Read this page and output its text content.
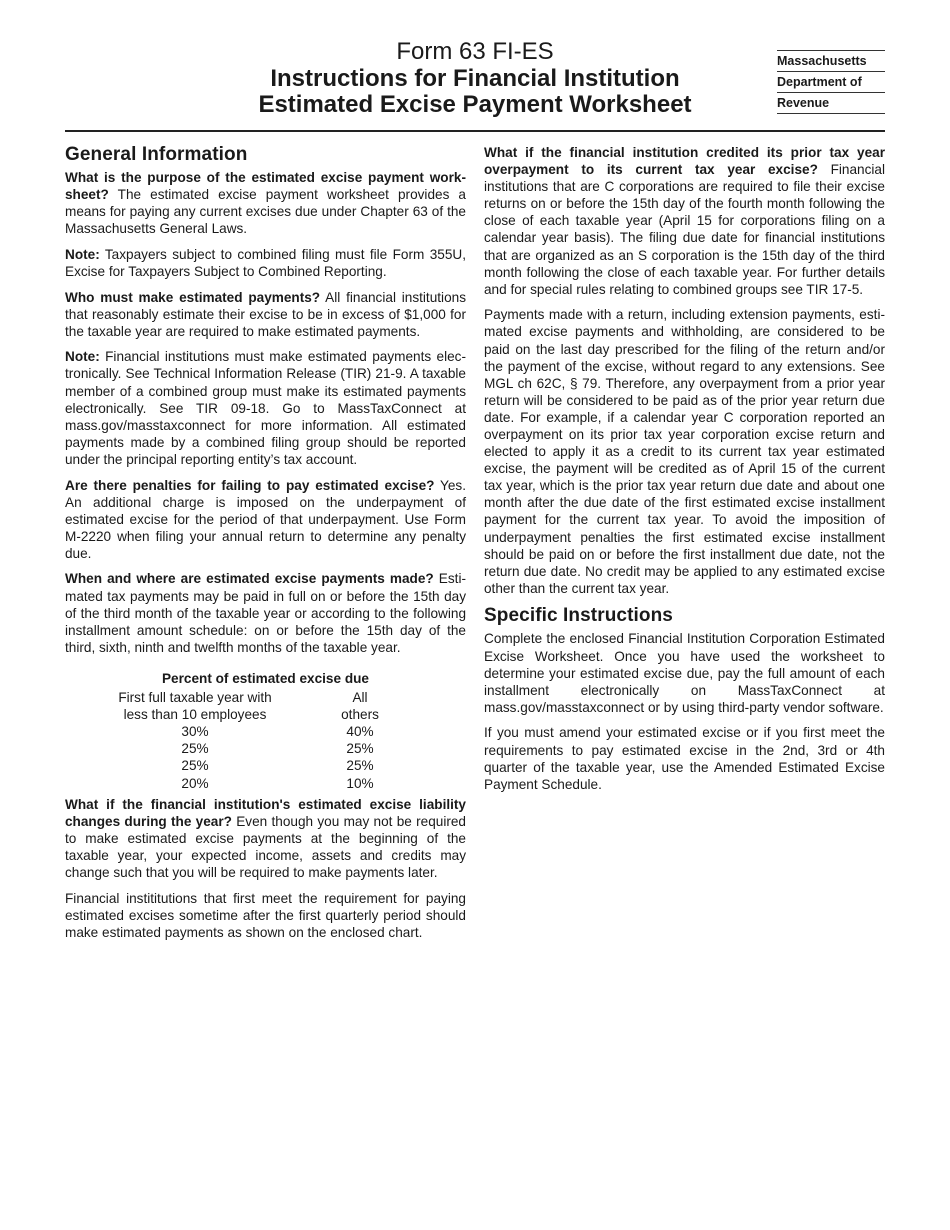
Form 63 FI-ES
Instructions for Financial Institution
Estimated Excise Payment Worksheet
Massachusetts
Department of
Revenue
General Information

What is the purpose of the estimated excise payment worksheet? The estimated excise payment worksheet provides a means for paying any current excises due under Chapter 63 of the Massachusetts General Laws.

Note: Taxpayers subject to combined filing must file Form 355U, Excise for Taxpayers Subject to Combined Reporting.

Who must make estimated payments? All financial institutions that reasonably estimate their excise to be in excess of $1,000 for the taxable year are required to make estimated payments.

Note: Financial institutions must make estimated payments electronically. See Technical Information Release (TIR) 21-9. A taxable member of a combined group must make its estimated payments electronically. See TIR 09-18. Go to MassTaxConnect at mass.gov/masstaxconnect for more information. All estimated payments made by a combined filing group should be reported under the principal reporting entity’s tax account.

Are there penalties for failing to pay estimated excise? Yes. An additional charge is imposed on the underpayment of estimated excise for the period of that underpayment. Use Form M-2220 when filing your annual return to determine any penalty due.

When and where are estimated excise payments made? Estimated tax payments may be paid in full on or before the 15th day of the third month of the taxable year or according to the following installment amount schedule: on or before the 15th day of the third, sixth, ninth and twelfth months of the taxable year.

Percent of estimated excise due
First full taxable year with	All
less than 10 employees	others
30%	40%
25%	25%
25%	25%
20%	10%

What if the financial institution's estimated excise liability changes during the year? Even though you may not be required to make estimated excise payments at the beginning of the taxable year, your expected income, assets and credits may change such that you will be required to make payments later.

Financial instititutions that first meet the requirement for paying estimated excises sometime after the first quarterly period should make estimated payments as shown on the enclosed chart.

What if the financial institution credited its prior tax year overpayment to its current tax year excise? Financial institutions that are C corporations are required to file their excise returns on or before the 15th day of the fourth month following the close of each taxable year (April 15 for corporations filing on a calendar year basis). The filing due date for financial institutions that are organized as an S corporation is the 15th day of the third month following the close of each taxable year. For further details and for special rules relating to combined groups see TIR 17-5.

Payments made with a return, including extension payments, estimated excise payments and withholding, are considered to be paid on the last day prescribed for the filing of the return and/or the payment of the excise, without regard to any extensions. See MGL ch 62C, § 79. Therefore, any overpayment from a prior year return will be considered to be paid as of the prior year return due date. For example, if a calendar year C corporation reported an overpayment on its prior tax year corporation excise return and elected to apply it as a credit to its current tax year estimated excise, the payment will be credited as of April 15 of the current tax year, which is the prior tax year return due date and about one month after the due date of the first estimated excise installment payment for the current tax year. To avoid the imposition of underpayment penalties the first estimated excise installment should be paid on or before the first installment due date, not the return due date. No credit may be applied to any estimated excise other than the current tax year.

Specific Instructions

Complete the enclosed Financial Institution Corporation Estimated Excise Worksheet. Once you have used the worksheet to determine your estimated excise due, pay the full amount of each installment electronically on MassTaxConnect at mass.gov/masstaxconnect or by using third-party vendor software.

If you must amend your estimated excise or if you first meet the requirements to pay estimated excise in the 2nd, 3rd or 4th quarter of the taxable year, use the Amended Estimated Excise Payment Schedule.
